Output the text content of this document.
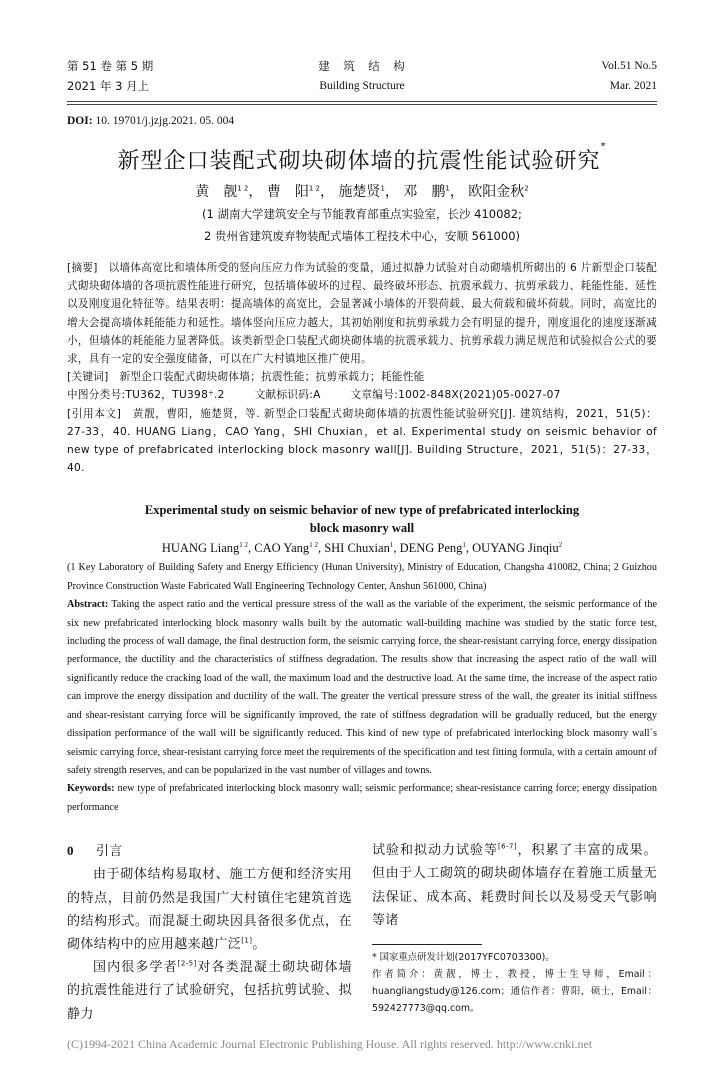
第 51 卷 第 5 期	建　筑　结　构	Vol.51 No.5
2021 年 3 月上	Building Structure	Mar. 2021
DOI: 10. 19701/j.jzjg.2021. 05. 004
新型企口装配式砌块砌体墙的抗震性能试验研究*
黄　靓$^{1 2}$， 曹　阳$^{1 2}$， 施楚贤$^1$， 邓　鹏$^1$， 欧阳金秋$^2$
(1 湖南大学建筑安全与节能教育部重点实验室，长沙 410082;
2 贵州省建筑废弃物装配式墙体工程技术中心，安顺 561000)

[摘要]　 以墙体高宽比和墙体所受的竖向压应力作为试验的变量，通过拟静力试验对自动砌墙机所砌出的 6 片新型企口装配式砌块砌体墙的各项抗震性能进行研究，包括墙体破坏的过程、最终破坏形态、抗震承载力、抗剪承载力、耗能性能、延性以及刚度退化特征等。结果表明：提高墙体的高宽比，会显著减小墙体的开裂荷载、最大荷载和破坏荷载。同时，高宽比的增大会提高墙体耗能能力和延性。墙体竖向压应力越大，其初始刚度和抗剪承载力会有明显的提升，刚度退化的速度逐渐减小，但墙体的耗能能力显著降低。该类新型企口装配式砌块砌体墙的抗震承载力、抗剪承载力满足规范和试验拟合公式的要求，具有一定的安全强度储备，可以在广大村镇地区推广使用。

[关键词]　 新型企口装配式砌块砌体墙；抗震性能；抗剪承载力；耗能性能

中图分类号:TU362，TU398⁺.2	文献标识码:A	文章编号:1002-848X(2021)05-0027-07

[引用本文]　 黄靓，曹阳，施楚贤，等. 新型企口装配式砌块砌体墙的抗震性能试验研究[J]. 建筑结构，2021，51(5)：27-33，40. HUANG Liang，CAO Yang，SHI Chuxian，et al. Experimental study on seismic behavior of new type of prefabricated interlocking block masonry wall[J]. Building Structure，2021，51(5)：27-33，40.

Experimental study on seismic behavior of new type of prefabricated interlocking
block masonry wall
HUANG Liang$^{1 2}$, CAO Yang$^{1 2}$, SHI Chuxian$^1$, DENG Peng$^1$, OUYANG Jinqiu$^2$

(1 Key Laboratory of Building Safety and Energy Efficiency (Hunan University), Ministry of Education, Changsha 410082, China; 2 Guizhou Province Construction Waste Fabricated Wall Engineering Technology Center, Anshun 561000, China)

Abstract: Taking the aspect ratio and the vertical pressure stress of the wall as the variable of the experiment, the seismic performance of the six new prefabricated interlocking block masonry walls built by the automatic wall-building machine was studied by the static force test, including the process of wall damage, the final destruction form, the seismic carrying force, the shear-resistant carrying force, energy dissipation performance, the ductility and the characteristics of stiffness degradation. The results show that increasing the aspect ratio of the wall will significantly reduce the cracking load of the wall, the maximum load and the destructive load. At the same time, the increase of the aspect ratio can improve the energy dissipation and ductility of the wall. The greater the vertical pressure stress of the wall, the greater its initial stiffness and shear-resistant carrying force will be significantly improved, the rate of stiffness degradation will be gradually reduced, but the energy dissipation performance of the wall will be significantly reduced. This kind of new type of prefabricated interlocking block masonry wall´s seismic carrying force, shear-resistant carrying force meet the requirements of the specification and test fitting formula, with a certain amount of safety strength reserves, and can be popularized in the vast number of villages and towns.

Keywords: new type of prefabricated interlocking block masonry wall; seismic performance; shear-resistance carring force; energy dissipation performance

0 引言

由于砌体结构易取材、施工方便和经济实用的特点，目前仍然是我国广大村镇住宅建筑首选的结构形式。而混凝土砌块因具备很多优点，在砌体结构中的应用越来越广泛[1]。

国内很多学者[2-5]对各类混凝土砌块砌体墙的抗震性能进行了试验研究，包括抗剪试验、拟静力

试验和拟动力试验等[6-7]，积累了丰富的成果。但由于人工砌筑的砌块砌体墙存在着施工质量无法保证、成本高、耗费时间长以及易受天气影响等诸

* 国家重点研发计划(2017YFC0703300)。

作者简介：黄靓，博士，教授，博士生导师，Email：huangliangstudy@126.com；通信作者：曹阳，硕士，Email：592427773@qq.com。

(C)1994-2021 China Academic Journal Electronic Publishing House. All rights reserved. http://www.cnki.net
